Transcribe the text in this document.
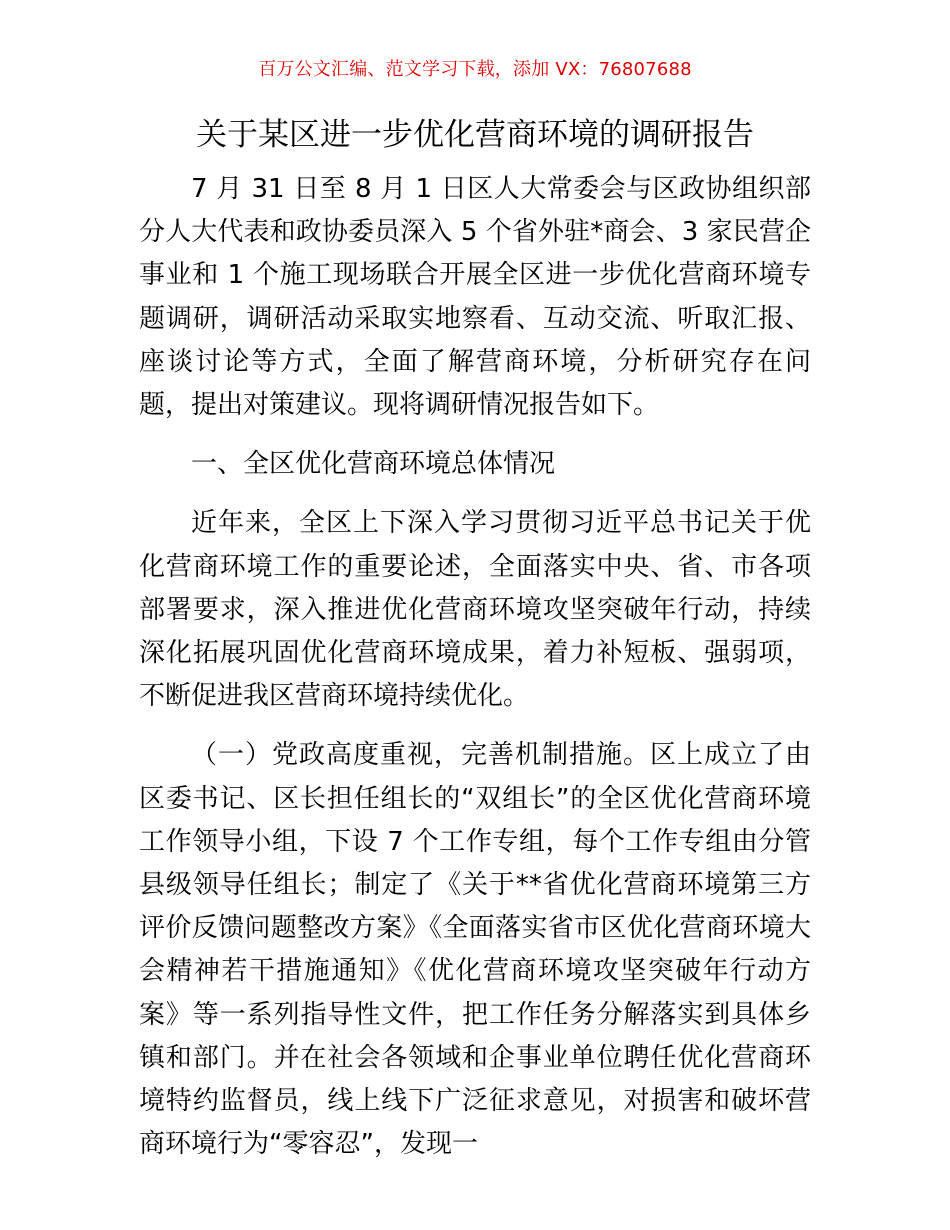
百万公文汇编、范文学习下载，添加 VX：76807688
关于某区进一步优化营商环境的调研报告

7 月 31 日至 8 月 1 日区人大常委会与区政协组织部分人大代表和政协委员深入 5 个省外驻*商会、3 家民营企事业和 1 个施工现场联合开展全区进一步优化营商环境专题调研，调研活动采取实地察看、互动交流、听取汇报、座谈讨论等方式，全面了解营商环境，分析研究存在问题，提出对策建议。现将调研情况报告如下。

一、全区优化营商环境总体情况

近年来，全区上下深入学习贯彻习近平总书记关于优化营商环境工作的重要论述，全面落实中央、省、市各项部署要求，深入推进优化营商环境攻坚突破年行动，持续深化拓展巩固优化营商环境成果，着力补短板、强弱项，不断促进我区营商环境持续优化。

（一）党政高度重视，完善机制措施。区上成立了由区委书记、区长担任组长的“双组长”的全区优化营商环境工作领导小组，下设 7 个工作专组，每个工作专组由分管县级领导任组长；制定了《关于**省优化营商环境第三方评价反馈问题整改方案》《全面落实省市区优化营商环境大会精神若干措施通知》《优化营商环境攻坚突破年行动方案》等一系列指导性文件，把工作任务分解落实到具体乡镇和部门。并在社会各领域和企事业单位聘任优化营商环境特约监督员，线上线下广泛征求意见，对损害和破坏营商环境行为“零容忍”，发现一
